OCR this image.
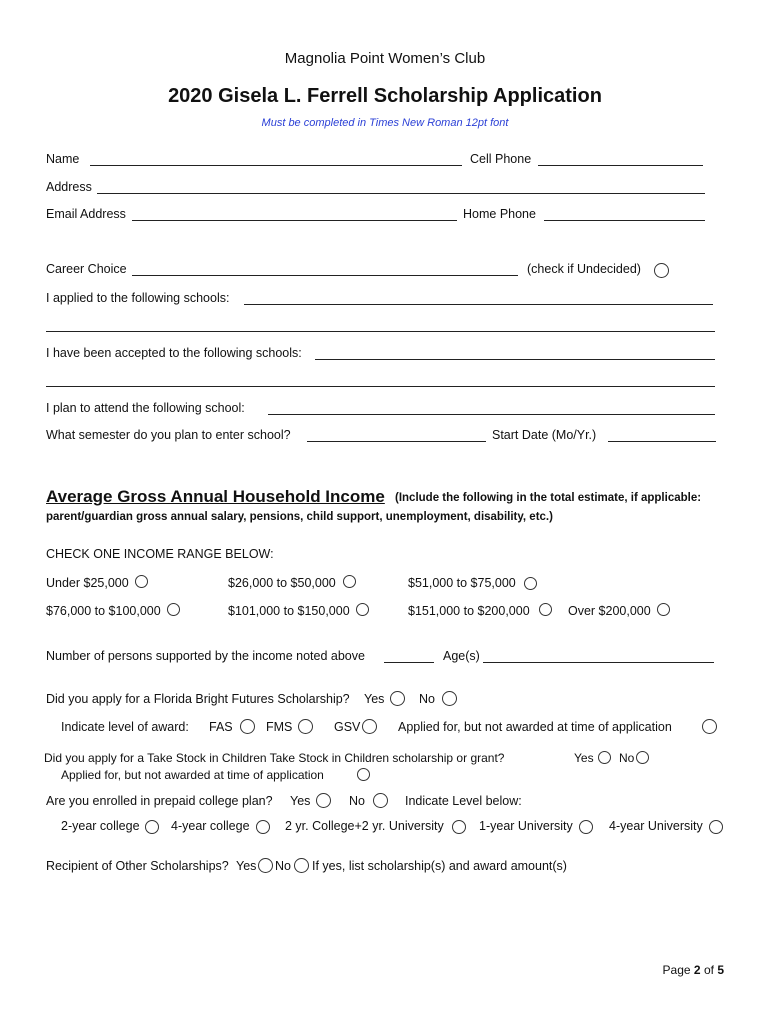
Magnolia Point Women’s Club
2020 Gisela L. Ferrell Scholarship Application
Must be completed in Times New Roman 12pt font
Name	Cell Phone
Address
Email Address	Home Phone
Career Choice	(check if Undecided)
I applied to the following schools:
I have been accepted to the following schools:
I plan to attend the following school:
What semester do you plan to enter school?	Start Date (Mo/Yr.)
Average Gross Annual Household Income (Include the following in the total estimate, if applicable:
parent/guardian gross annual salary, pensions, child support, unemployment, disability, etc.)
CHECK ONE INCOME RANGE BELOW:
Under $25,000	$26,000 to $50,000	$51,000 to $75,000
$76,000 to $100,000	$101,000 to $150,000	$151,000 to $200,000	Over $200,000
Number of persons supported by the income noted above	Age(s)
Did you apply for a Florida Bright Futures Scholarship? Yes	No
Indicate level of award: FAS	FMS	GSV	Applied for, but not awarded at time of application
Did you apply for a Take Stock in Children Take Stock in Children scholarship or grant?	Yes No
Applied for, but not awarded at time of application
Are you enrolled in prepaid college plan? Yes	No	Indicate Level below:
2-year college	4-year college	2 yr. College+2 yr. University	1-year University	4-year University
Recipient of Other Scholarships? Yes No If yes, list scholarship(s) and award amount(s)
Page 2 of 5
